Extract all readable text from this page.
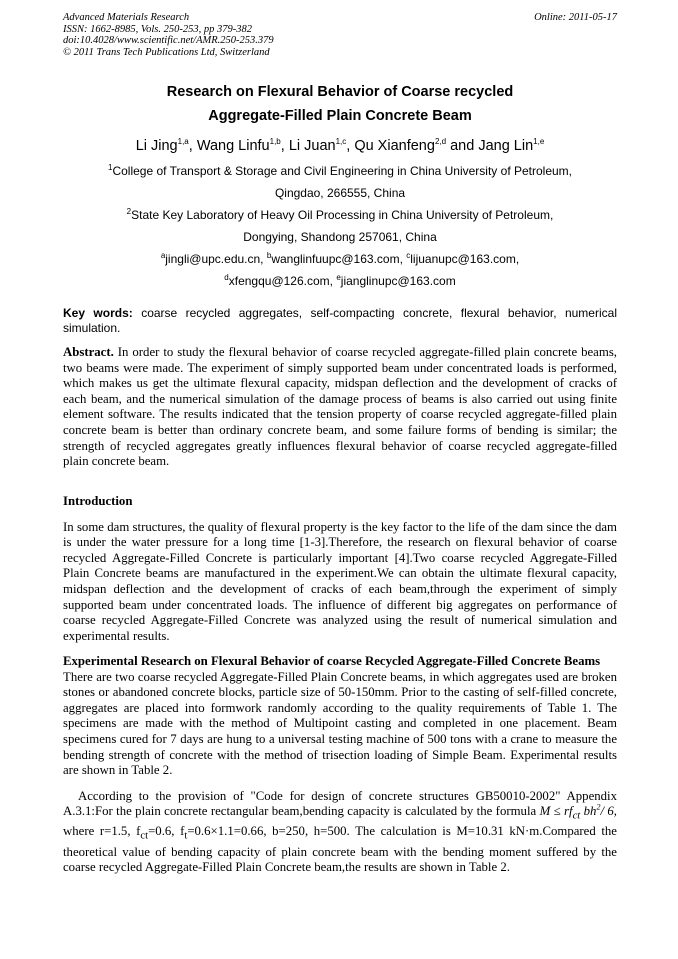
Advanced Materials Research
ISSN: 1662-8985, Vols. 250-253, pp 379-382
doi:10.4028/www.scientific.net/AMR.250-253.379
© 2011 Trans Tech Publications Ltd, Switzerland
Online: 2011-05-17
Research on Flexural Behavior of Coarse recycled
Aggregate-Filled Plain Concrete Beam
Li Jing$^{1,a}$, Wang Linfu$^{1,b}$, Li Juan$^{1,c}$, Qu Xianfeng$^{2,d}$ and Jang Lin$^{1,e}$
$^1$College of Transport & Storage and Civil Engineering in China University of Petroleum,
Qingdao, 266555, China
$^2$State Key Laboratory of Heavy Oil Processing in China University of Petroleum,
Dongying, Shandong 257061, China
$^a$jingli@upc.edu.cn, $^b$wanglinfuupc@163.com, $^c$lijuanupc@163.com,
$^d$xfengqu@126.com, $^e$jianglinupc@163.com
Key words: coarse recycled aggregates, self-compacting concrete, flexural behavior, numerical simulation.
Abstract. In order to study the flexural behavior of coarse recycled aggregate-filled plain concrete beams, two beams were made. The experiment of simply supported beam under concentrated loads is performed, which makes us get the ultimate flexural capacity, midspan deflection and the development of cracks of each beam, and the numerical simulation of the damage process of beams is also carried out using finite element software. The results indicated that the tension property of coarse recycled aggregate-filled plain concrete beam is better than ordinary concrete beam, and some failure forms of bending is similar; the strength of recycled aggregates greatly influences flexural behavior of coarse recycled aggregate-filled plain concrete beam.
Introduction
In some dam structures, the quality of flexural property is the key factor to the life of the dam since the dam is under the water pressure for a long time [1-3].Therefore, the research on flexural behavior of coarse recycled Aggregate-Filled Concrete is particularly important [4].Two coarse recycled Aggregate-Filled Plain Concrete beams are manufactured in the experiment.We can obtain the ultimate flexural capacity, midspan deflection and the development of cracks of each beam,through the experiment of simply supported beam under concentrated loads. The influence of different big aggregates on performance of coarse recycled Aggregate-Filled Concrete was analyzed using the result of numerical simulation and experimental results.
Experimental Research on Flexural Behavior of coarse Recycled Aggregate-Filled Concrete Beams
There are two coarse recycled Aggregate-Filled Plain Concrete beams, in which aggregates used are broken stones or abandoned concrete blocks, particle size of 50-150mm. Prior to the casting of self-filled concrete, aggregates are placed into formwork randomly according to the quality requirements of Table 1. The specimens are made with the method of Multipoint casting and completed in one placement. Beam specimens cured for 7 days are hung to a universal testing machine of 500 tons with a crane to measure the bending strength of concrete with the method of trisection loading of Simple Beam. Experimental results are shown in Table 2.
According to the provision of "Code for design of concrete structures GB50010-2002" Appendix A.3.1:For the plain concrete rectangular beam,bending capacity is calculated by the formula $M \le rf_{ct}$ $bh^2/$ 6, where r=1.5, $f_{ct}=0.6$, $f_t=0.6\times 1.1=0.66$, b=250, h=500. The calculation is M=10.31 kN·m.Compared the theoretical value of bending capacity of plain concrete beam with the bending moment suffered by the coarse recycled Aggregate-Filled Plain Concrete beam,the results are shown in Table 2.
